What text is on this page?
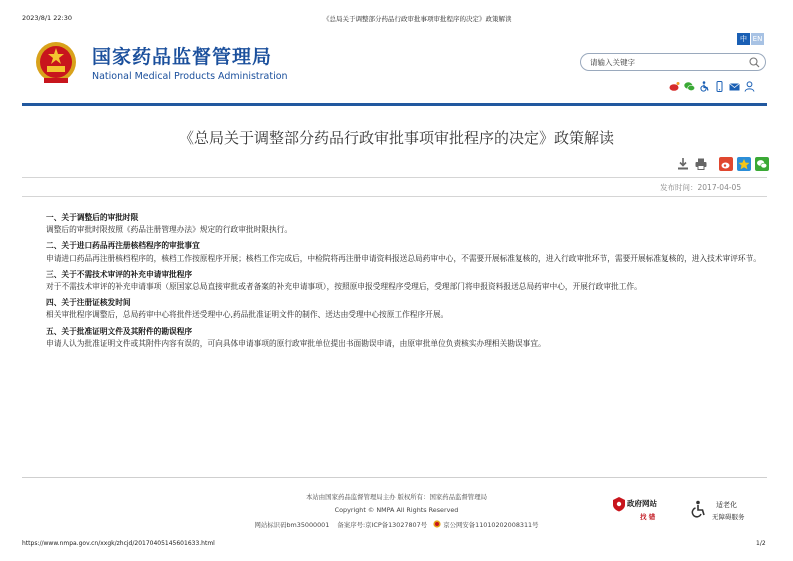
2023/8/1 22:30	《总局关于调整部分药品行政审批事项审批程序的决定》政策解读
国家药品监督管理局
National Medical Products Administration
中 EN
请输入关键字
《总局关于调整部分药品行政审批事项审批程序的决定》政策解读
发布时间：2017-04-05
一、关于调整后的审批时限
调整后的审批时限按照《药品注册管理办法》规定的行政审批时限执行。
二、关于进口药品再注册核档程序的审批事宜
申请进口药品再注册核档程序的，核档工作按原程序开展；核档工作完成后，中检院将再注册申请资料报送总局药审中心，不需要开展标准复核的，进入行政审批环节，需要开展标准复核的，进入技术审评环节。
三、关于不需技术审评的补充申请审批程序
对于不需技术审评的补充申请事项（原国家总局直接审批或者备案的补充申请事项），按照原申报受理程序受理后，受理部门将申报资料报送总局药审中心，开展行政审批工作。
四、关于注册证核发时间
相关审批程序调整后，总局药审中心将批件送受理中心,药品批准证明文件的制作、送达由受理中心按原工作程序开展。
五、关于批准证明文件及其附件的勘误程序
申请人认为批准证明文件或其附件内容有误的，可向具体申请事项的原行政审批单位提出书面勘误申请，由原审批单位负责核实办理相关勘误事宜。
本站由国家药品监督管理局主办 版权所有：国家药品监督管理局
Copyright © NMPA All Rights Reserved
网站标识码bm35000001 备案序号:京ICP备13027807号	京公网安备11010202008311号
政府网站
找 错
适老化
无障碍服务
https://www.nmpa.gov.cn/xxgk/zhcjd/20170405145601633.html	1/2
